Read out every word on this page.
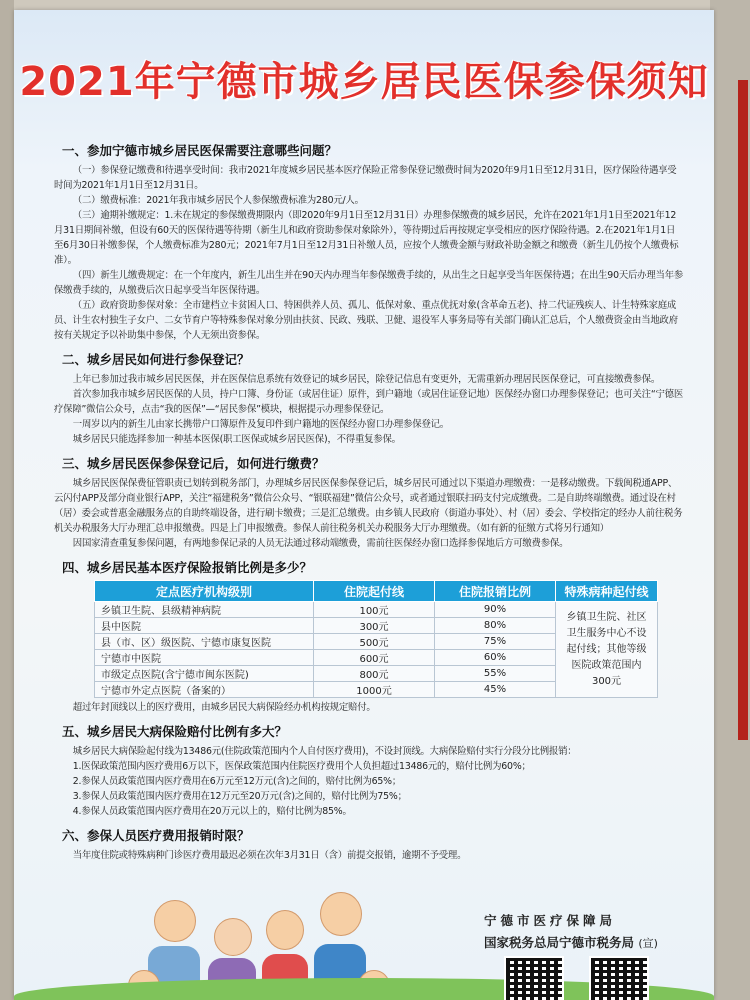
2021年宁德市城乡居民医保参保须知
一、参加宁德市城乡居民医保需要注意哪些问题？

（一）参保登记缴费和待遇享受时间：我市2021年度城乡居民基本医疗保险正常参保登记缴费时间为2020年9月1日至12月31日，医疗保险待遇享受时间为2021年1月1日至12月31日。

（二）缴费标准：2021年我市城乡居民个人参保缴费标准为280元/人。

（三）逾期补缴规定：1.未在规定的参保缴费期限内（即2020年9月1日至12月31日）办理参保缴费的城乡居民，允许在2021年1月1日至2021年12月31日期间补缴，但设有60天的医保待遇等待期（新生儿和政府资助参保对象除外），等待期过后再按规定享受相应的医疗保险待遇。2.在2021年1月1日至6月30日补缴参保，个人缴费标准为280元；2021年7月1日至12月31日补缴人员，应按个人缴费金额与财政补助金额之和缴费（新生儿仍按个人缴费标准）。

（四）新生儿缴费规定：在一个年度内，新生儿出生并在90天内办理当年参保缴费手续的，从出生之日起享受当年医保待遇；在出生90天后办理当年参保缴费手续的，从缴费后次日起享受当年医保待遇。

（五）政府资助参保对象：全市建档立卡贫困人口、特困供养人员、孤儿、低保对象、重点优抚对象(含革命五老)、持二代证残疾人、计生特殊家庭成员、计生农村独生子女户、二女节育户等特殊参保对象分别由扶贫、民政、残联、卫健、退役军人事务局等有关部门确认汇总后，个人缴费资金由当地政府按有关规定予以补助集中参保，个人无须出资参保。

二、城乡居民如何进行参保登记？

上年已参加过我市城乡居民医保，并在医保信息系统有效登记的城乡居民，除登记信息有变更外，无需重新办理居民医保登记，可直接缴费参保。

首次参加我市城乡居民医保的人员，持户口簿、身份证（或居住证）原件，到户籍地（或居住证登记地）医保经办窗口办理参保登记；也可关注“宁德医疗保障”微信公众号，点击“我的医保”—“居民参保”模块，根据提示办理参保登记。

一周岁以内的新生儿由家长携带户口簿原件及复印件到户籍地的医保经办窗口办理参保登记。

城乡居民只能选择参加一种基本医保(职工医保或城乡居民医保)，不得重复参保。

三、城乡居民医保参保登记后，如何进行缴费？

城乡居民医保保费征管职责已划转到税务部门，办理城乡居民医保参保登记后，城乡居民可通过以下渠道办理缴费：一是移动缴费。下载闽税通APP、云闪付APP及部分商业银行APP，关注“福建税务”微信公众号、“银联福建”微信公众号，或者通过银联扫码支付完成缴费。二是自助终端缴费。通过设在村（居）委会或普惠金融服务点的自助终端设备，进行刷卡缴费；三是汇总缴费。由乡镇人民政府（街道办事处）、村（居）委会、学校指定的经办人前往税务机关办税服务大厅办理汇总申报缴费。四是上门申报缴费。参保人前往税务机关办税服务大厅办理缴费。（如有新的征缴方式将另行通知）

因国家清查重复参保问题，有两地参保记录的人员无法通过移动端缴费，需前往医保经办窗口选择参保地后方可缴费参保。

四、城乡居民基本医疗保险报销比例是多少？
定点医疗机构级别	住院起付线	住院报销比例	特殊病种起付线
乡镇卫生院、县级精神病院	100元	90%	乡镇卫生院、社区卫生服务中心不设起付线；其他等级医院政策范围内300元
县中医院	300元	80%	
县（市、区）级医院、宁德市康复医院	500元	75%	
宁德市中医院	600元	60%	
市级定点医院(含宁德市闽东医院)	800元	55%	
宁德市外定点医院（备案的）	1000元	45%	

超过年封顶线以上的医疗费用，由城乡居民大病保险经办机构按规定赔付。

五、城乡居民大病保险赔付比例有多大？

城乡居民大病保险起付线为13486元(住院政策范围内个人自付医疗费用)，不设封顶线。大病保险赔付实行分段分比例报销：

1.医保政策范围内医疗费用6万以下，医保政策范围内住院医疗费用个人负担超过13486元的，赔付比例为60%；

2.参保人员政策范围内医疗费用在6万元至12万元(含)之间的，赔付比例为65%；

3.参保人员政策范围内医疗费用在12万元至20万元(含)之间的，赔付比例为75%；

4.参保人员政策范围内医疗费用在20万元以上的，赔付比例为85%。

六、参保人员医疗费用报销时限？

当年度住院或特殊病种门诊医疗费用最迟必须在次年3月31日（含）前提交报销，逾期不予受理。

宁德市医疗保障局
国家税务总局宁德市税务局 (宣)
